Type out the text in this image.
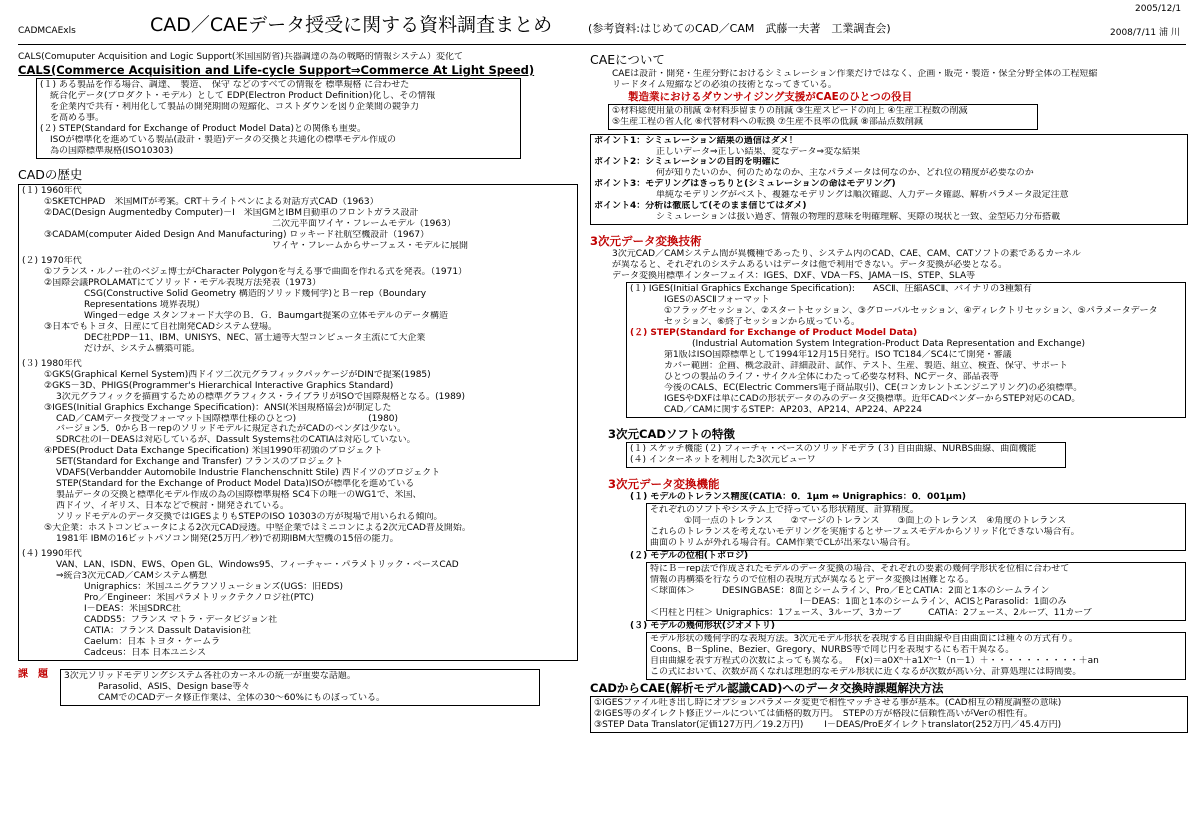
CADMCAExls	CAD／CAEデータ授受に関する資料調査まとめ	(参考資料:はじめてのCAD／CAM　武藤一夫著　工業調査会)
2005/12/1
2008/7/11 浦 川
CALS(Comuputer Acquisition and Logic Support(米国国防省)兵器調達の為の戦略的情報システム）変化て
CALS(Commerce Acquisition and Life-cycle Support⇒Commerce At Light Speed)
(１) ある製品を作る場合、調達、　製造、　保守 などのすべての情報を 標準規格 に合わせた
統合化データ(プロダクト・モデル）として EDP(Electron Product Definition)化し、その情報
を企業内で共有・利用化して製品の開発期間の短縮化、コストダウンを図り企業間の競争力
を高める事。
(２) STEP(Standard for Exchange of Product Model Data)との関係も重要。
ISOが標準化を進めている製品(設計・製造)データの交換と共通化の標準モデル作成の
為の国際標準規格(ISO10303)
CADの歴史
(１) 1960年代
①SKETCHPAD　米国MITが考案。CRT＋ライトペンによる対話方式CAD（1963）
②DAC(Design Augmentedby Computer)－Ⅰ　米国GMとIBM自動車のフロントガラス設計
二次元平面ワイヤ・フレームモデル（1963）
③CADAM(computer Aided Design And Manufacturing) ロッキード社航空機設計（1967）
ワイヤ・フレームからサーフェス・モデルに展開
(２) 1970年代
①フランス・ルノー社のベジェ博士がCharacter Polygonを与える事で曲面を作れる式を発表。（1971）
②国際会議PROLAMATにてソリッド・モデル表現方法発表（1973）
CSG(Constructive Solid Geometry 構造的ソリッド幾何学)とＢ－rep（Boundary
Representations 境界表現）
Winged－edge スタンフォード大学のＢ．Ｇ．Baumgart提案の立体モデルのデータ構造
③日本でもトヨタ、日産にて自社開発CADシステム登場。
DEC社PDP－11、IBM、UNISYS、NEC、富士通等大型コンピュータ主流にて大企業
だけが、システム構築可能。
(３) 1980年代
①GKS(Graphical Kernel System)西ドイツ二次元グラフィックパッケージがDINで提案(1985)
②GKS－3D、PHIGS(Programmer's Hierarchical Interactive Graphics Standard)
3次元グラフィックを描画するための標準グラフィクス・ライブラリがISOで国際規格となる。(1989)
③IGES(Initial Graphics Exchange Specification)：ANSI(米国規格協会)が制定した
CAD／CAMデータ授受フォーマット国際標準仕様のひとつ)　　　　　　　　(1980)
バージョン5．0からＢ－repのソリッドモデルに規定されたがCADのベンダは少ない。
SDRC社のI－DEASは対応しているが、Dassult Systems社のCATIAは対応していない。
④PDES(Product Data Exchange Specification) 米国1990年初頭のプロジェクト
SET(Standard for Exchange and Transfer) フランスのプロジェクト
VDAFS(Verbandder Automobile Industrie Flanchenschnitt Stile) 西ドイツのプロジェクト
STEP(Standard for the Exchange of Product Model Data)ISOが標準化を進めている
製品データの交換と標準化モデル作成の為の国際標準規格 SC4下の唯一のWG1で、米国、
西ドイツ、イギリス、日本などで検討・開発されている。
ソリッドモデルのデータ交換ではIGESよりもSTEPのISO 10303の方が現場で用いられる傾向。
⑤大企業：ホストコンピュータによる2次元CAD浸透。中堅企業ではミニコンによる2次元CAD普及開始。
1981年 IBMの16ビットパソコン開発(25万円／秒)で初期IBM大型機の15倍の能力。
(４) 1990年代
VAN、LAN、ISDN、EWS、Open GL、Windows95、フィーチャー・パラメトリック・ベースCAD
⇒統合3次元CAD／CAMシステム構想
Unigraphics：米国ユニグラフソリューションズ(UGS：旧EDS)
Pro／Engineer：米国パラメトリックテクノロジ社(PTC)
I－DEAS：米国SDRC社
CADDS5：フランス マトラ・データビジョン社
CATIA：フランス Dassult Datavision社
Caelum：日本 トヨタ・ケームラ
Cadceus：日本 日本ユニシス
課　題	3次元ソリッドモデリングシステム各社のカーネルの統一が重要な話題。
Parasolid、ASIS、Design base等々
CAMでのCADデータ修正作業は、全体の30～60%にものぼっている。
CAEについて
CAEは設計・開発・生産分野におけるシミュレーション作業だけではなく、企画・販売・製造・保全分野全体の工程短縮
リードタイム短縮などの必須の技術となってきている。
製造業におけるダウンサイジング支援がCAEのひとつの役目
①材料総使用量の削減 ②材料歩留まりの削減 ③生産スピードの向上 ④生産工程数の削減
⑤生産工程の省人化 ⑥代替材料への転換 ⑦生産不良率の低減 ⑧部品点数削減
ポイント1：シミュレーション結果の過信はダメ！
正しいデータ⇒正しい結果、変なデータ⇒変な結果
ポイント2：シミュレーションの目的を明確に
何が知りたいのか、何のためなのか、主なパラメータは何なのか、どれ位の精度が必要なのか
ポイント3：モデリングはきっちりと(シミュレーションの命はモデリング)
単純なモデリングがベスト、複雑なモデリングは順次確認、入力データ確認、解析パラメータ設定注意
ポイント4：分析は徹底して(そのまま信じてはダメ)
シミュレーションは扱い過ぎ、情報の物理的意味を明確理解、実際の現状と一致、金型応力分布搭載
3次元データ変換技術
3次元CAD／CAMシステム間が異機種であったり、システム内のCAD、CAE、CAM、CATソフトの素であるカーネル
が異なると、それぞれのシステムあるいはデータは他で利用できない。データ変換が必要となる。
データ変換用標準インターフェイス：IGES、DXF、VDA－FS、JAMA－IS、STEP、SLA等
(１) IGES(Initial Graphics Exchange Specification):　　ASCⅡ、圧縮ASCⅡ、バイナリの3種類有
IGESのASCⅡフォーマット
①フラッグセッション、②スタートセッション、③グローバルセッション、④ディレクトリセッション、⑤パラメータデータ
セッション、⑥終了セッションから成っている。
(２) STEP(Standard for Exchange of Product Model Data)
(Industrial Automation System Integration-Product Data Representation and Exchange)
第1版はISO国際標準として1994年12月15日発行。ISO TC184／SC4にて開発・審議
カバー範囲：企画、概念設計、詳細設計、試作、テスト、生産、製造、組立、検査、保守、サポート
ひとつの製品のライフ・サイクル全体にわたって必要な材料、NCデータ、部品表等
今後のCALS、EC(Electric Commers電子商品取引)、CE(コンカレントエンジニアリング)の必須標準。
IGESやDXFは単にCADの形状データのみのデータ交換標準。近年CADベンダーからSTEP対応のCAD。
CAD／CAMに関するSTEP：AP203、AP214、AP224、AP224
3次元CADソフトの特徴
(１) スケッチ機能 (２) フィーチャ・ベースのソリッドモデラ (３) 自由曲線、NURBS曲線、曲面機能
(４) インターネットを利用した3次元ビューワ
3次元データ変換機能
(１) モデルのトレランス精度(CATIA：0．1μm ⇔ Unigraphics：0．001μm)
それぞれのソフトやシステム上で持っている形状精度、計算精度。
①同一点のトレランス　　②マージのトレランス　　③面上のトレランス　④角度のトレランス
これらのトレランスを考えないモデリングを実施するとサーフェスモデルからソリッド化できない場合有。
曲面のトリムが外れる場合有。CAM作業でCLが出来ない場合有。
(２) モデルの位相(トポロジ)
特にＢ－rep法で作成されたモデルのデータ変換の場合、それぞれの要素の幾何学形状を位相に合わせて
情報の再構築を行なうので位相の表現方式が異なるとデータ変換は困難となる。
＜球面体＞　　　DESINGBASE：8面とシームライン、Pro／EとCATIA：2面と1本のシームライン
I－DEAS：1面と1本のシームライン、ACISとParasolid：1面のみ
＜円柱と円柱＞ Unigraphics：1フェース、3ループ、3カーブ　　　CATIA：2フェース、2ループ、11カーブ
(３) モデルの幾何形状(ジオメトリ)
モデル形状の幾何学的な表現方法。3次元モデル形状を表現する自由曲線や自由曲面には種々の方式有り。
Coons、B－Spline、Bezier、Gregory、NURBS等で同じ円を表現するにも若干異なる。
自由曲線を表す方程式の次数によっても異なる。　 F(x)＝a0Xⁿ＋a1Xⁿ⁻¹（n－1）＋・・・・・・・・・・＋an
この式において、次数が高くなれば理想的なモデル形状に近くなるが次数が高い分、計算処理には時間要。
CADからCAE(解析モデル認識CAD)へのデータ交換時課題解決方法
①IGESファイル吐き出し時にオプションパラメータ変更で相性マッチさせる事が基本。(CAD相互の精度調整の意味)
②IGES等のダイレクト修正ツールについては価格的数万円。　STEPの方が格段に信頼性高いがVerの相性有。
③STEP Data Translator(定価127万円／19.2万円)　　 I－DEAS/ProEダイレクトtranslator(252万円／45.4万円)
